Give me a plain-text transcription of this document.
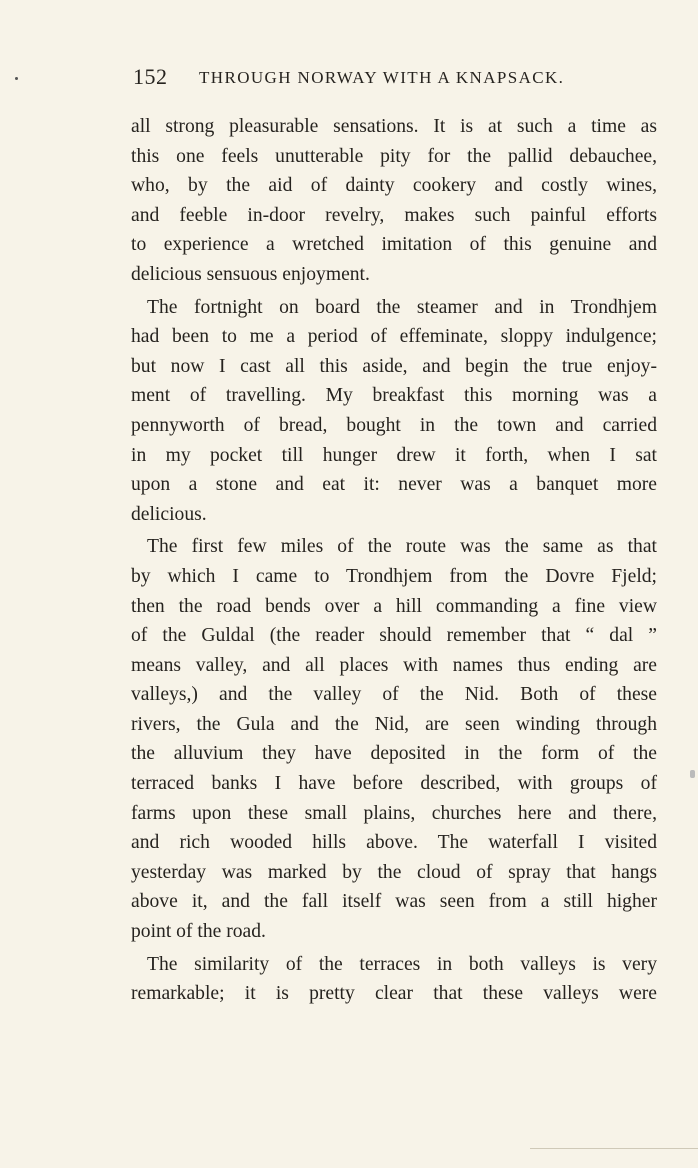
152 THROUGH NORWAY WITH A KNAPSACK.
all strong pleasurable sensations. It is at such a time as
this one feels unutterable pity for the pallid debauchee,
who, by the aid of dainty cookery and costly wines,
and feeble in-door revelry, makes such painful efforts
to experience a wretched imitation of this genuine and
delicious sensuous enjoyment.
The fortnight on board the steamer and in Trondhjem
had been to me a period of effeminate, sloppy indulgence;
but now I cast all this aside, and begin the true enjoy-
ment of travelling. My breakfast this morning was a
pennyworth of bread, bought in the town and carried
in my pocket till hunger drew it forth, when I sat
upon a stone and eat it: never was a banquet more
delicious.
The first few miles of the route was the same as that
by which I came to Trondhjem from the Dovre Fjeld;
then the road bends over a hill commanding a fine view
of the Guldal (the reader should remember that “ dal ”
means valley, and all places with names thus ending are
valleys,) and the valley of the Nid. Both of these
rivers, the Gula and the Nid, are seen winding through
the alluvium they have deposited in the form of the
terraced banks I have before described, with groups of
farms upon these small plains, churches here and there,
and rich wooded hills above. The waterfall I visited
yesterday was marked by the cloud of spray that hangs
above it, and the fall itself was seen from a still higher
point of the road.
The similarity of the terraces in both valleys is very
remarkable; it is pretty clear that these valleys were
